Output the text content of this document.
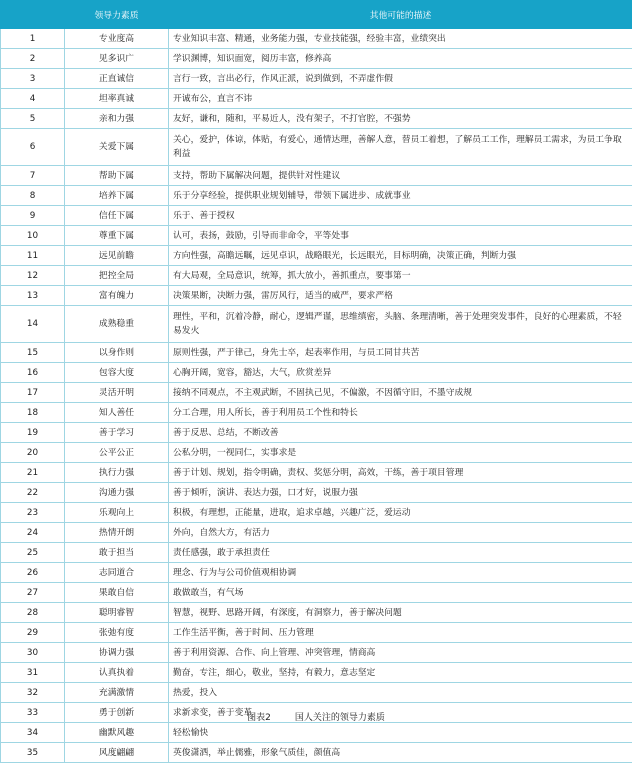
	领导力素质	其他可能的描述
1	专业度高	专业知识丰富、精通，业务能力强，专业技能强，经验丰富，业绩突出
2	见多识广	学识渊博，知识面宽，阅历丰富，修养高
3	正直诚信	言行一致，言出必行，作风正派，说到做到，不弄虚作假
4	坦率真诚	开诚布公，直言不讳
5	亲和力强	友好，谦和，随和，平易近人，没有架子，不打官腔，不强势
6	关爱下属	关心，爱护，体谅，体贴，有爱心，通情达理，善解人意，替员工着想，了解员工工作，理解员工需求，为员工争取利益
7	帮助下属	支持，帮助下属解决问题，提供针对性建议
8	培养下属	乐于分享经验，提供职业规划辅导，带领下属进步、成就事业
9	信任下属	乐于、善于授权
10	尊重下属	认可，表扬，鼓励，引导而非命令，平等处事
11	远见前瞻	方向性强，高瞻远瞩，远见卓识，战略眼光，长远眼光，目标明确，决策正确，判断力强
12	把控全局	有大局观，全局意识，统筹，抓大放小，善抓重点，要事第一
13	富有魄力	决策果断，决断力强，雷厉风行，适当的威严，要求严格
14	成熟稳重	理性，平和，沉着冷静，耐心，逻辑严谨，思维缜密，头脑、条理清晰，善于处理突发事件，良好的心理素质，不轻易发火
15	以身作则	原则性强，严于律己，身先士卒，起表率作用，与员工同甘共苦
16	包容大度	心胸开阔，宽容，豁达，大气，欣赏差异
17	灵活开明	接纳不同观点，不主观武断，不固执己见，不偏激，不因循守旧，不墨守成规
18	知人善任	分工合理，用人所长，善于利用员工个性和特长
19	善于学习	善于反思、总结，不断改善
20	公平公正	公私分明，一视同仁，实事求是
21	执行力强	善于计划、规划，指令明确，责权、奖惩分明，高效，干练，善于项目管理
22	沟通力强	善于倾听，演讲、表达力强，口才好，说服力强
23	乐观向上	积极，有理想，正能量，进取，追求卓越，兴趣广泛，爱运动
24	热情开朗	外向，自然大方，有活力
25	敢于担当	责任感强，敢于承担责任
26	志同道合	理念、行为与公司价值观相协调
27	果敢自信	敢做敢当，有气场
28	聪明睿智	智慧，视野、思路开阔，有深度，有洞察力，善于解决问题
29	张弛有度	工作生活平衡，善于时间、压力管理
30	协调力强	善于利用资源、合作、向上管理、冲突管理，情商高
31	认真执着	勤奋，专注，细心，敬业，坚持，有毅力，意志坚定
32	充满激情	热爱，投入
33	勇于创新	求新求变，善于变革
34	幽默风趣	轻松愉快
35	风度翩翩	英俊潇洒，举止儒雅，形象气质佳，颜值高
图表2	国人关注的领导力素质
